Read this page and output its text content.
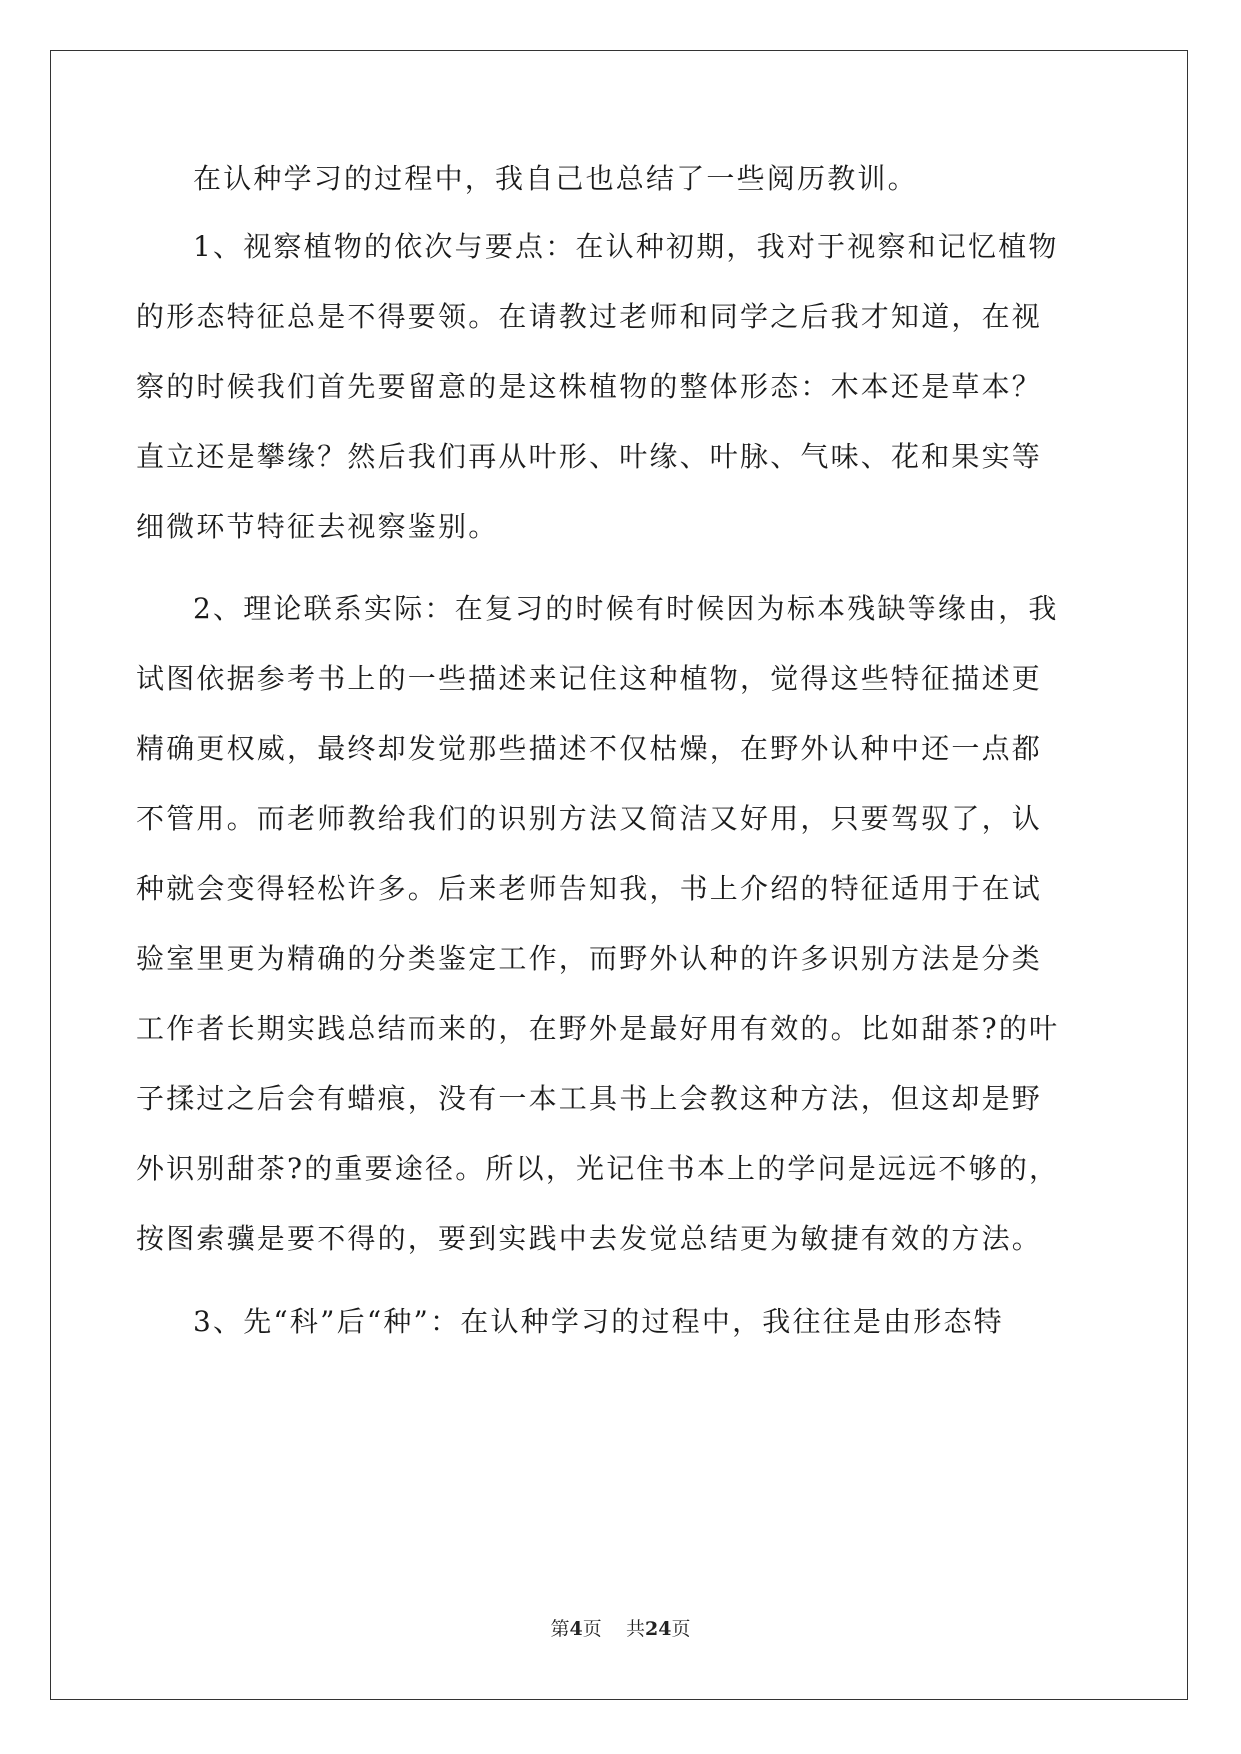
在认种学习的过程中，我自己也总结了一些阅历教训。
1、视察植物的依次与要点：在认种初期，我对于视察和记忆植物
的形态特征总是不得要领。在请教过老师和同学之后我才知道，在视
察的时候我们首先要留意的是这株植物的整体形态：木本还是草本？
直立还是攀缘？然后我们再从叶形、叶缘、叶脉、气味、花和果实等
细微环节特征去视察鉴别。
2、理论联系实际：在复习的时候有时候因为标本残缺等缘由，我
试图依据参考书上的一些描述来记住这种植物，觉得这些特征描述更
精确更权威，最终却发觉那些描述不仅枯燥，在野外认种中还一点都
不管用。而老师教给我们的识别方法又简洁又好用，只要驾驭了，认
种就会变得轻松许多。后来老师告知我，书上介绍的特征适用于在试
验室里更为精确的分类鉴定工作，而野外认种的许多识别方法是分类
工作者长期实践总结而来的，在野外是最好用有效的。比如甜茶?的叶
子揉过之后会有蜡痕，没有一本工具书上会教这种方法，但这却是野
外识别甜茶?的重要途径。所以，光记住书本上的学问是远远不够的，
按图索骥是要不得的，要到实践中去发觉总结更为敏捷有效的方法。
3、先“科”后“种”：在认种学习的过程中，我往往是由形态特
第4页 共24页
